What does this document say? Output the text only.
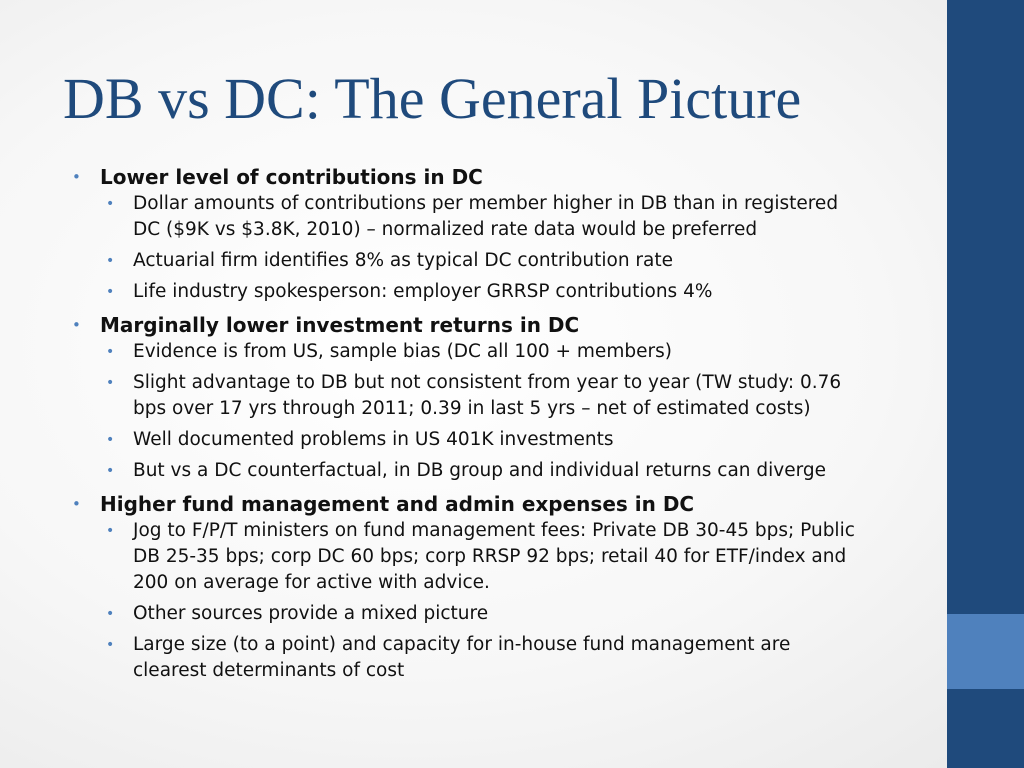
DB vs DC: The General Picture
• Lower level of contributions in DC
•	Dollar amounts of contributions per member higher in DB than in registered
DC ($9K vs $3.8K, 2010) – normalized rate data would be preferred
•	Actuarial firm identifies 8% as typical DC contribution rate
•	Life industry spokesperson: employer GRRSP contributions 4%
• Marginally lower investment returns in DC
•	Evidence is from US, sample bias (DC all 100 + members)
•	Slight advantage to DB but not consistent from year to year (TW study: 0.76
bps over 17 yrs through 2011; 0.39 in last 5 yrs – net of estimated costs)
•	Well documented problems in US 401K investments
•	But vs a DC counterfactual, in DB group and individual returns can diverge
• Higher fund management and admin expenses in DC
•	Jog to F/P/T ministers on fund management fees: Private DB 30-45 bps; Public
DB 25-35 bps; corp DC 60 bps; corp RRSP 92 bps; retail 40 for ETF/index and
200 on average for active with advice.
•	Other sources provide a mixed picture
•	Large size (to a point) and capacity for in-house fund management are
clearest determinants of cost
